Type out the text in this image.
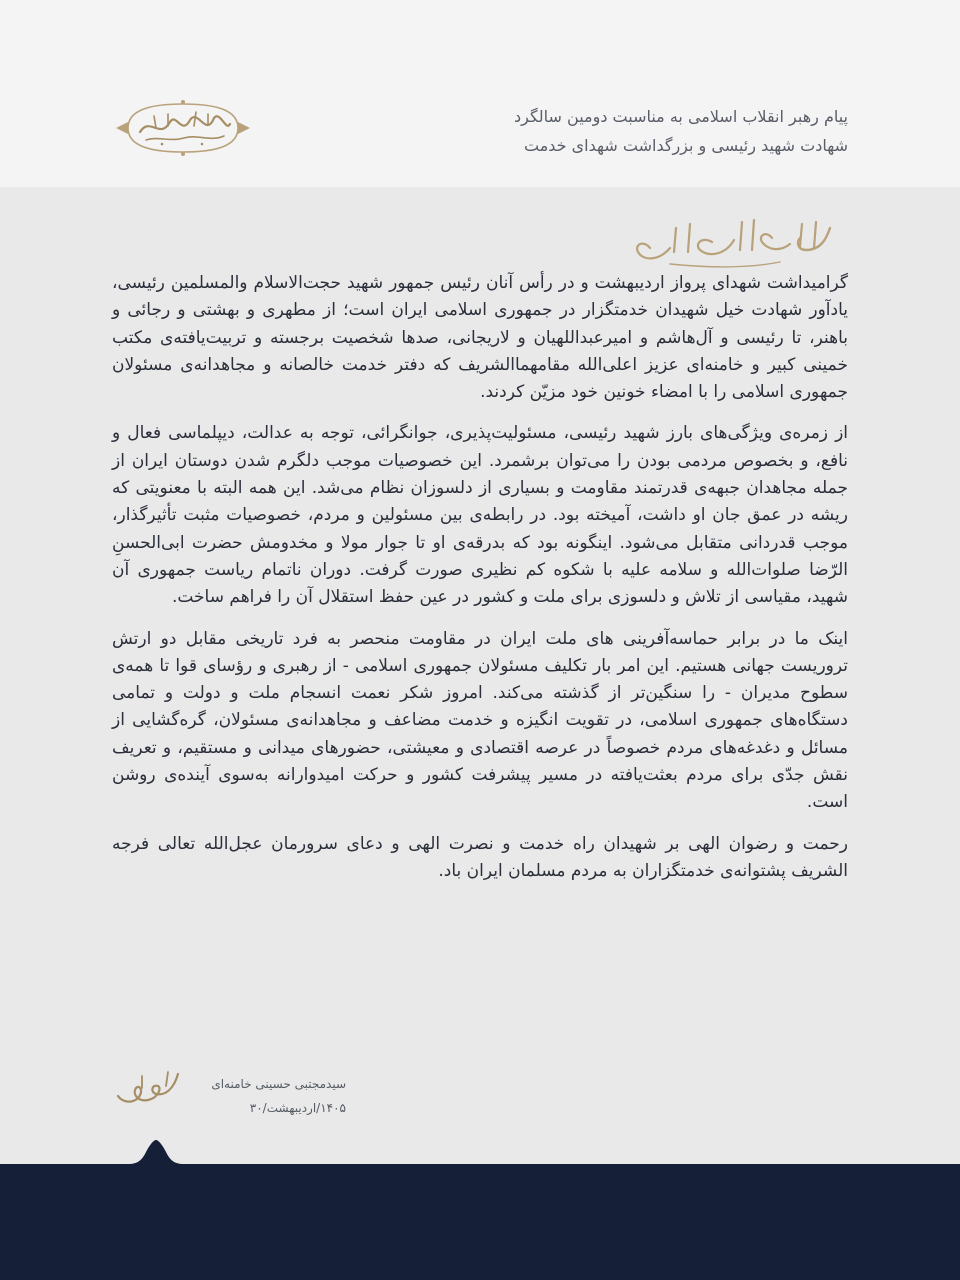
پیام رهبر انقلاب اسلامی به مناسبت دومین سالگرد
شهادت شهید رئیسی و بزرگداشت شهدای خدمت

گرامیداشت شهدای پرواز اردیبهشت و در رأس آنان رئیس جمهور شهید حجت‌الاسلام والمسلمین رئیسی، یادآور شهادت خیل شهیدان خدمتگزار در جمهوری اسلامی ایران است؛ از مطهری و بهشتی و رجائی و باهنر، تا رئیسی و آل‌هاشم و امیرعبداللهیان و لاریجانی، صدها شخصیت برجسته و تربیت‌یافته‌ی مکتب خمینی کبیر و خامنه‌ای عزیز اعلی‌الله مقامهماالشریف که دفتر خدمت خالصانه و مجاهدانه‌ی مسئولان جمهوری اسلامی را با امضاء خونین خود مزیّن کردند.

از زمره‌ی ویژگی‌های بارز شهید رئیسی، مسئولیت‌پذیری، جوانگرائی، توجه به عدالت، دیپلماسی فعال و نافع، و بخصوص مردمی بودن را می‌توان برشمرد. این خصوصیات موجب دلگرم شدن دوستان ایران از جمله مجاهدان جبهه‌ی قدرتمند مقاومت و بسیاری از دلسوزان نظام می‌شد. این همه البته با معنویتی که ریشه در عمق جان او داشت، آمیخته بود. در رابطه‌ی بین مسئولین و مردم، خصوصیات مثبت تأثیرگذار، موجب قدردانی متقابل می‌شود. اینگونه بود که بدرقه‌ی او تا جوار مولا و مخدومش حضرت ابی‌الحسنِ الرّضا صلوات‌الله و سلامه علیه با شکوه کم نظیری صورت گرفت. دوران ناتمام ریاست جمهوری آن شهید، مقیاسی از تلاش و دلسوزی برای ملت و کشور در عین حفظ استقلال آن را فراهم ساخت.

اینک ما در برابر حماسه‌آفرینی های ملت ایران در مقاومت منحصر به فرد تاریخی مقابل دو ارتش تروریست جهانی هستیم. این امر بار تکلیف مسئولان جمهوری اسلامی - از رهبری و رؤسای قوا تا همه‌ی سطوح مدیران - را سنگین‌تر از گذشته می‌کند. امروز شکر نعمت انسجام ملت و دولت و تمامی دستگاه‌های جمهوری اسلامی، در تقویت انگیزه و خدمت مضاعف و مجاهدانه‌ی مسئولان، گره‌گشایی از مسائل و دغدغه‌های مردم خصوصاً در عرصه اقتصادی و معیشتی، حضورهای میدانی و مستقیم، و تعریف نقش جدّی برای مردم بعثت‌یافته در مسیر پیشرفت کشور و حرکت امیدوارانه به‌سوی آینده‌ی روشن است.

رحمت و رضوان الهی بر شهیدان راه خدمت و نصرت الهی و دعای سرورمان عجل‌الله تعالی فرجه الشریف پشتوانه‌ی خدمتگزاران به مردم مسلمان ایران باد.

سیدمجتبی حسینی خامنه‌ای
۱۴۰۵/اردیبهشت/۳۰
